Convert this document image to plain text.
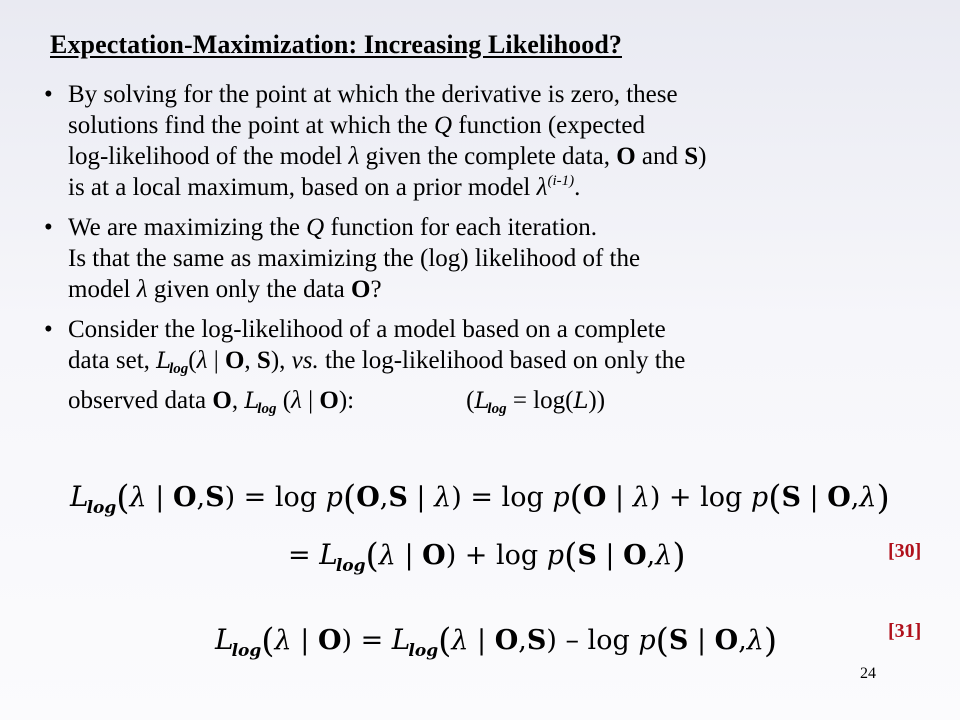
Expectation-Maximization: Increasing Likelihood?
• By solving for the point at which the derivative is zero, these
solutions find the point at which the Q function (expected
log-likelihood of the model λ given the complete data, O and S)
is at a local maximum, based on a prior model $\lambda^{(i-1)}$.
• We are maximizing the Q function for each iteration.
Is that the same as maximizing the (log) likelihood of the
model λ given only the data O?
• Consider the log-likelihood of a model based on a complete
data set, $L_{log}(\lambda$ | O, S), vs. the log-likelihood based on only the
observed data O, $L_{log}$ (λ | O):	$(L_{log} = \log(L))$
$L_{log}(\lambda$ | O,S) = log p(O,S | λ) = log p(O | λ) + log p(S | O,λ)
= $L_{log}(\lambda$ | O) + log p(S | O,λ)	[30]
$L_{log}(\lambda$ | $O) = L_{log}(\lambda$ | O,S) – log p(S | O,λ)	[31]
24
